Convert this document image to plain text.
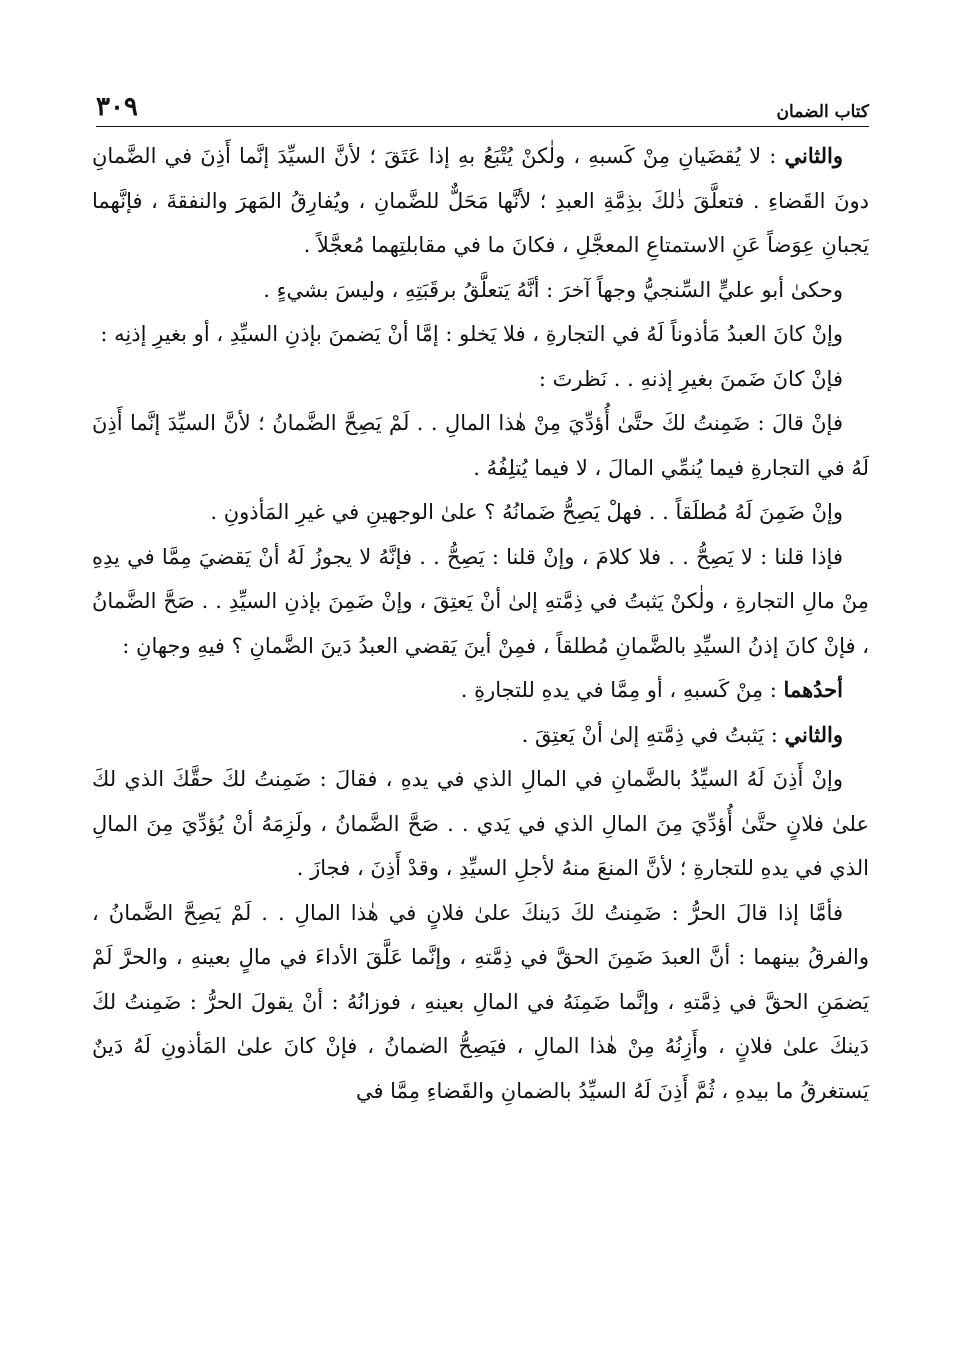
كتاب الضمان
٣٠٩

والثاني : لا يُقضَيانِ مِنْ كَسبهِ ، ولٰكنْ يُتْبَعُ بهِ إذا عَتَقَ ؛ لأنَّ السيِّدَ إنَّما أَذِنَ في الضَّمانِ دونَ القَضاءِ . فتعلَّقَ ذٰلكَ بذِمَّةِ العبدِ ؛ لأنَّها مَحَلٌّ للضَّمانِ ، ويُفارِقُ المَهرَ والنفقةَ ، فإنَّهما يَجبانِ عِوَضاً عَنِ الاستمتاعِ المعجَّلِ ، فكانَ ما في مقابلتِهما مُعجَّلاً .

وحكىٰ أبو عليٍّ السِّنجيُّ وجهاً آخرَ : أنَّهُ يَتعلَّقُ برقَبَتِهِ ، وليسَ بشيءٍ .

وإنْ كانَ العبدُ مَأذوناً لَهُ في التجارةِ ، فلا يَخلو : إمَّا أنْ يَضمنَ بإذنِ السيِّدِ ، أو بغيرِ إذنِه :

فإنْ كانَ ضَمنَ بغيرِ إذنهِ . . نَظرتَ :

فإنْ قالَ : ضَمِنتُ لكَ حتَّىٰ أُؤدِّيَ مِنْ هٰذا المالِ . . لَمْ يَصِحَّ الضَّمانُ ؛ لأنَّ السيِّدَ إنَّما أَذِنَ لَهُ في التجارةِ فيما يُنمِّي المالَ ، لا فيما يُتلِفُهُ .

وإنْ ضَمِنَ لَهُ مُطلَقاً . . فهلْ يَصِحُّ ضَمانُهُ ؟ علىٰ الوجهينِ في غيرِ المَأذونِ .

فإذا قلنا : لا يَصِحُّ . . فلا كلامَ ، وإنْ قلنا : يَصِحُّ . . فإنَّهُ لا يجوزُ لَهُ أنْ يَقضيَ مِمَّا في يدِهِ مِنْ مالِ التجارةِ ، ولٰكنْ يَثبتُ في ذِمَّتهِ إلىٰ أنْ يَعتِقَ ، وإنْ ضَمِنَ بإذنِ السيِّدِ . . صَحَّ الضَّمانُ ، فإنْ كانَ إذنُ السيِّدِ بالضَّمانِ مُطلقاً ، فمِنْ أينَ يَقضي العبدُ دَينَ الضَّمانِ ؟ فيهِ وجهانِ :

أحدُهما : مِنْ كَسبهِ ، أو مِمَّا في يدهِ للتجارةِ .

والثاني : يَثبتُ في ذِمَّتهِ إلىٰ أنْ يَعتِقَ .

وإنْ أَذِنَ لَهُ السيِّدُ بالضَّمانِ في المالِ الذي في يدهِ ، فقالَ : ضَمِنتُ لكَ حقَّكَ الذي لكَ علىٰ فلانٍ حتَّىٰ أُؤدِّيَ مِنَ المالِ الذي في يَدي . . صَحَّ الضَّمانُ ، ولَزِمَهُ أنْ يُؤدِّيَ مِنَ المالِ الذي في يدهِ للتجارةِ ؛ لأنَّ المنعَ منهُ لأجلِ السيِّدِ ، وقدْ أَذِنَ ، فجازَ .

فأمَّا إذا قالَ الحرُّ : ضَمِنتُ لكَ دَينكَ علىٰ فلانٍ في هٰذا المالِ . . لَمْ يَصِحَّ الضَّمانُ ، والفرقُ بينهما : أنَّ العبدَ ضَمِنَ الحقَّ في ذِمَّتهِ ، وإنَّما عَلَّقَ الأداءَ في مالٍ بعينهِ ، والحرَّ لَمْ يَضمَنِ الحقَّ في ذِمَّتهِ ، وإنَّما ضَمِنَهُ في المالِ بعينهِ ، فوزانُهُ : أنْ يقولَ الحرُّ : ضَمِنتُ لكَ دَينكَ علىٰ فلانٍ ، وأَزِنُهُ مِنْ هٰذا المالِ ، فيَصِحُّ الضمانُ ، فإنْ كانَ علىٰ المَأذونِ لَهُ دَينٌ يَستغرقُ ما بيدهِ ، ثُمَّ أَذِنَ لَهُ السيِّدُ بالضمانِ والقَضاءِ مِمَّا في
